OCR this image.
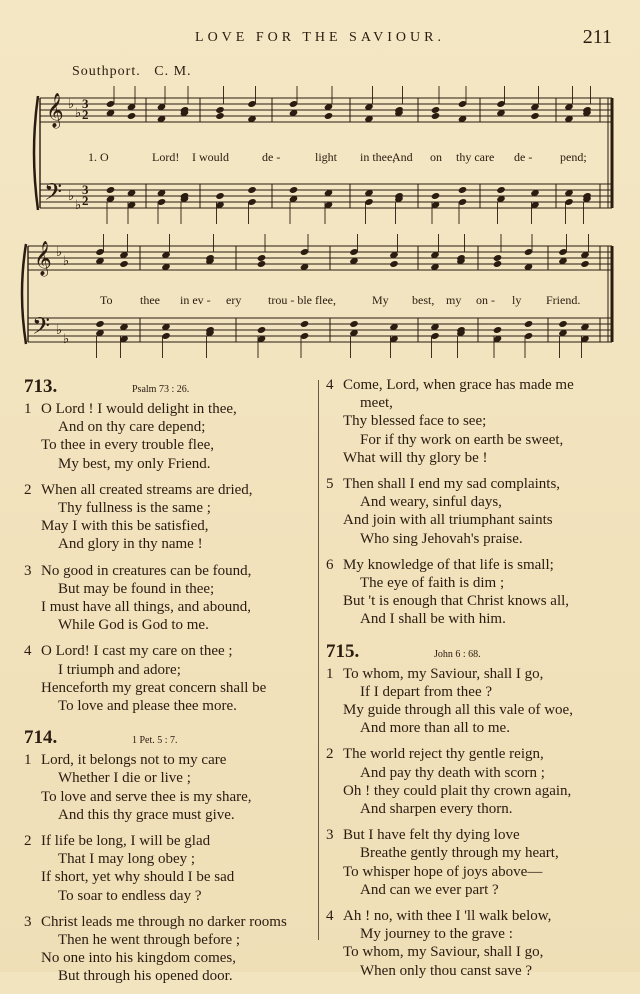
LOVE FOR THE SAVIOUR.	211
Southport. C. M.
𝄞
𝄢
♭
♭
♭
♭
𝄞
𝄢
♭
♭
♭
♭
3
2
3
2
1. O	Lord! I would	de -	light in thee,
And on thy care de - pend;
To thee in ev - ery trou - ble flee,	My best, my on - ly Friend.
713.	Psalm 73 : 26.
1 O Lord ! I would delight in thee,
And on thy care depend;
To thee in every trouble flee,
My best, my only Friend.
2 When all created streams are dried,
Thy fullness is the same ;
May I with this be satisfied,
And glory in thy name !
3 No good in creatures can be found,
But may be found in thee;
I must have all things, and abound,
While God is God to me.
4 O Lord! I cast my care on thee ;
I triumph and adore;
Henceforth my great concern shall be
To love and please thee more.
714.	1 Pet. 5 : 7.
1 Lord, it belongs not to my care
Whether I die or live ;
To love and serve thee is my share,
And this thy grace must give.
2 If life be long, I will be glad
That I may long obey ;
If short, yet why should I be sad
To soar to endless day ?
3 Christ leads me through no darker rooms
Then he went through before ;
No one into his kingdom comes,
But through his opened door.
4 Come, Lord, when grace has made me
meet,
Thy blessed face to see;
For if thy work on earth be sweet,
What will thy glory be !
5 Then shall I end my sad complaints,
And weary, sinful days,
And join with all triumphant saints
Who sing Jehovah's praise.
6 My knowledge of that life is small;
The eye of faith is dim ;
But 't is enough that Christ knows all,
And I shall be with him.
715.	John 6 : 68.
1 To whom, my Saviour, shall I go,
If I depart from thee ?
My guide through all this vale of woe,
And more than all to me.
2 The world reject thy gentle reign,
And pay thy death with scorn ;
Oh ! they could plait thy crown again,
And sharpen every thorn.
3 But I have felt thy dying love
Breathe gently through my heart,
To whisper hope of joys above—
And can we ever part ?
4 Ah ! no, with thee I 'll walk below,
My journey to the grave :
To whom, my Saviour, shall I go,
When only thou canst save ?
